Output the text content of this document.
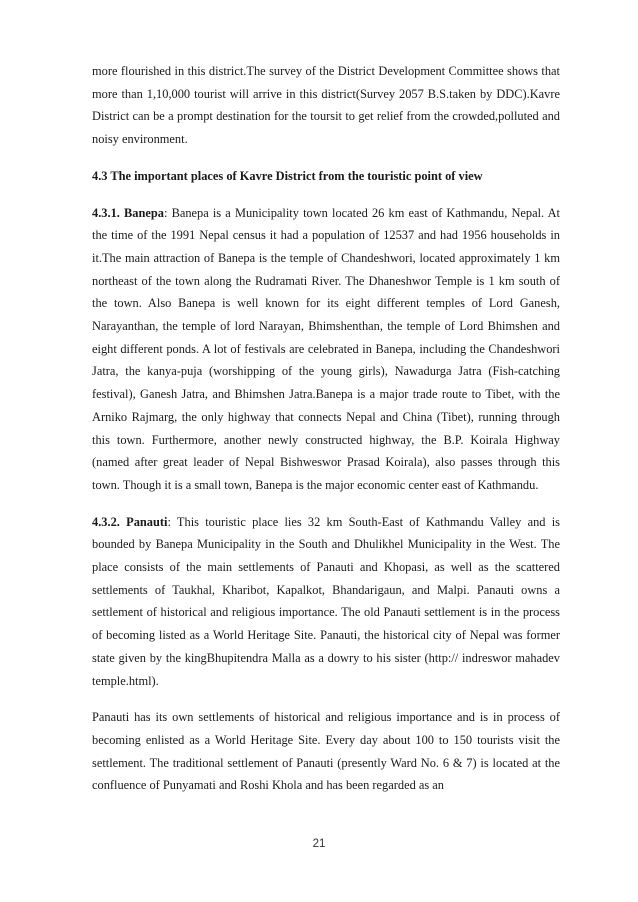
more flourished in this district.The survey of the District Development Committee shows that more than 1,10,000 tourist will arrive in this district(Survey 2057 B.S.taken by DDC).Kavre District can be a prompt destination for the toursit to get relief from the crowded,polluted and noisy environment.

4.3 The important places of Kavre District from the touristic point of view

4.3.1. Banepa: Banepa is a Municipality town located 26 km east of Kathmandu, Nepal. At the time of the 1991 Nepal census it had a population of 12537 and had 1956 households in it.The main attraction of Banepa is the temple of Chandeshwori, located approximately 1 km northeast of the town along the Rudramati River. The Dhaneshwor Temple is 1 km south of the town. Also Banepa is well known for its eight different temples of Lord Ganesh, Narayanthan, the temple of lord Narayan, Bhimshenthan, the temple of Lord Bhimshen and eight different ponds. A lot of festivals are celebrated in Banepa, including the Chandeshwori Jatra, the kanya-puja (worshipping of the young girls), Nawadurga Jatra (Fish-catching festival), Ganesh Jatra, and Bhimshen Jatra.Banepa is a major trade route to Tibet, with the Arniko Rajmarg, the only highway that connects Nepal and China (Tibet), running through this town. Furthermore, another newly constructed highway, the B.P. Koirala Highway (named after great leader of Nepal Bishweswor Prasad Koirala), also passes through this town. Though it is a small town, Banepa is the major economic center east of Kathmandu.

4.3.2. Panauti: This touristic place lies 32 km South-East of Kathmandu Valley and is bounded by Banepa Municipality in the South and Dhulikhel Municipality in the West. The place consists of the main settlements of Panauti and Khopasi, as well as the scattered settlements of Taukhal, Kharibot, Kapalkot, Bhandarigaun, and Malpi. Panauti owns a settlement of historical and religious importance. The old Panauti settlement is in the process of becoming listed as a World Heritage Site. Panauti, the historical city of Nepal was former state given by the kingBhupitendra Malla as a dowry to his sister (http:// indreswor mahadev temple.html).

Panauti has its own settlements of historical and religious importance and is in process of becoming enlisted as a World Heritage Site. Every day about 100 to 150 tourists visit the settlement. The traditional settlement of Panauti (presently Ward No. 6 & 7) is located at the confluence of Punyamati and Roshi Khola and has been regarded as an

21
